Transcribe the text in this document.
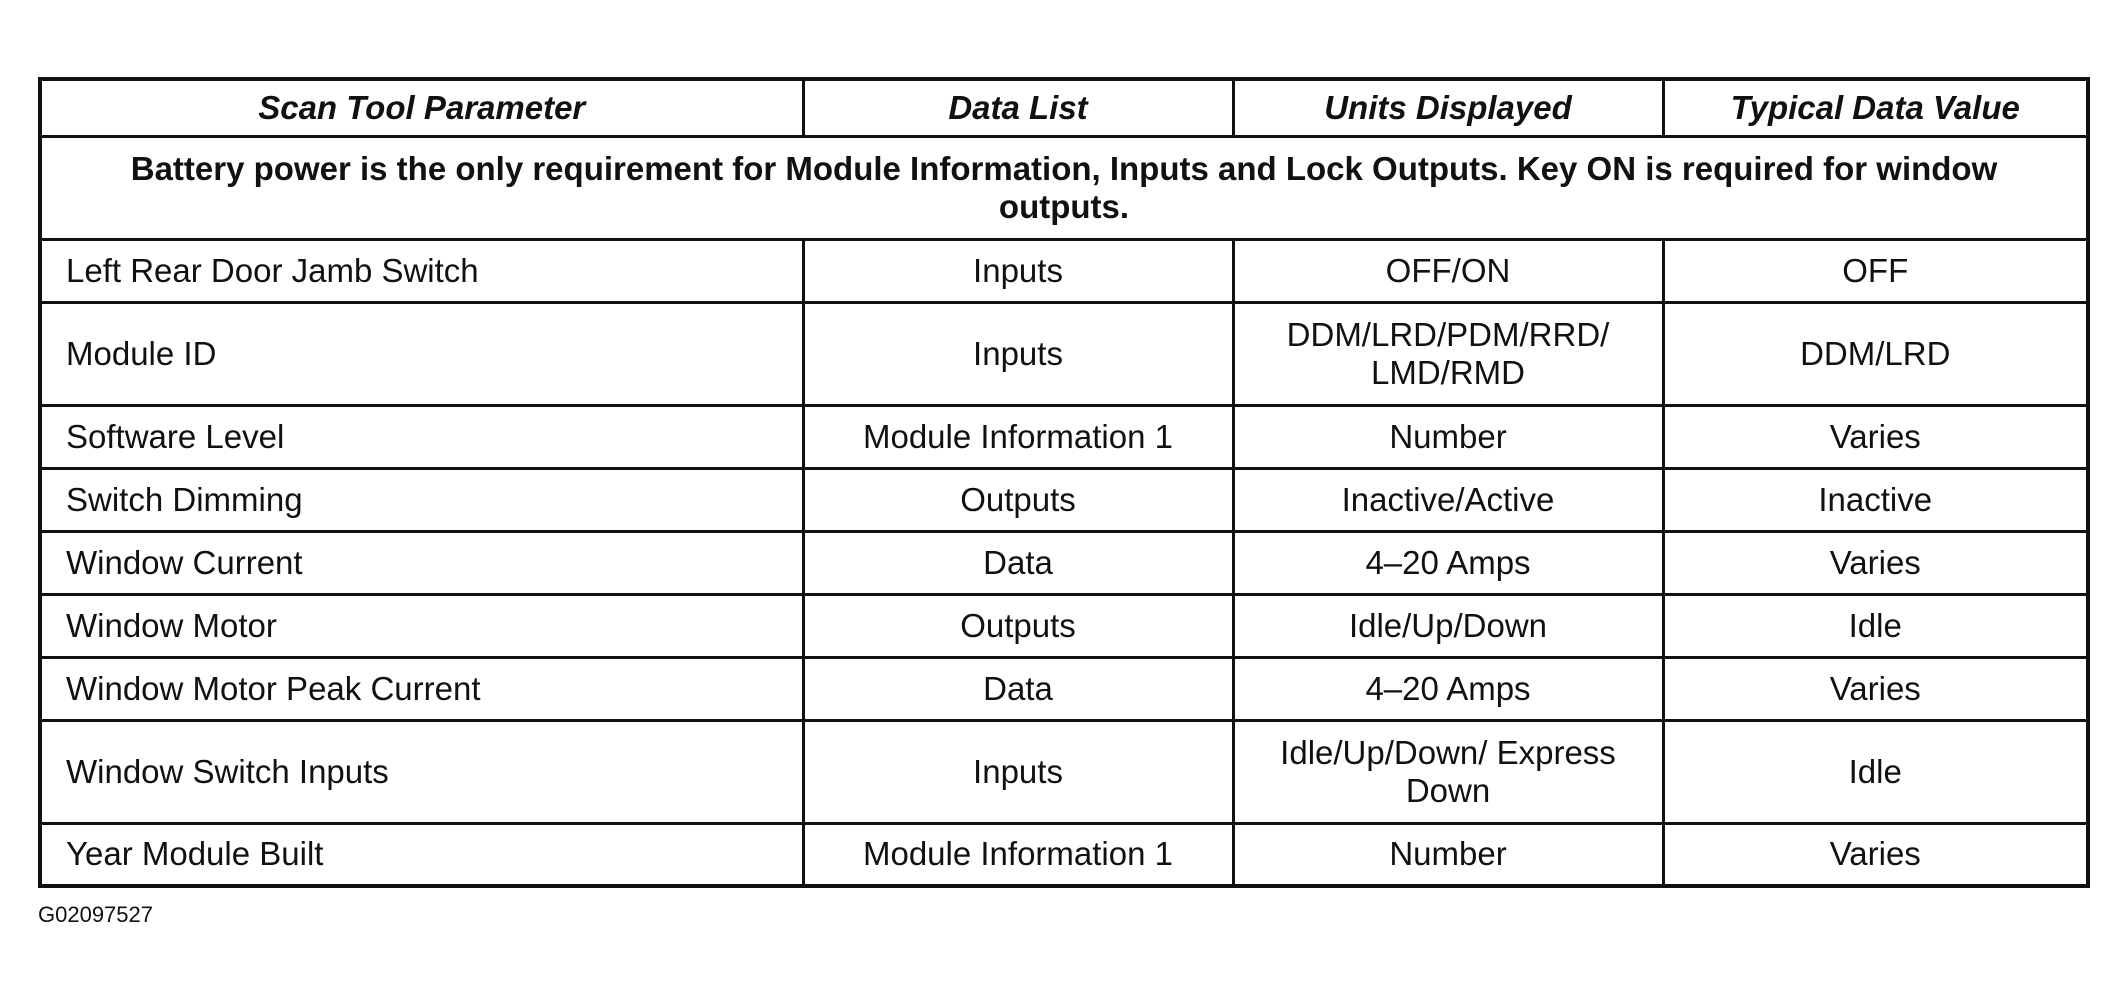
Scan Tool Parameter	Data List	Units Displayed	Typical Data Value
Battery power is the only requirement for Module Information, Inputs and Lock Outputs. Key ON is required for window outputs.			
Left Rear Door Jamb Switch	Inputs	OFF/ON	OFF
Module ID	Inputs	DDM/LRD/PDM/RRD/ LMD/RMD	DDM/LRD
Software Level	Module Information 1	Number	Varies
Switch Dimming	Outputs	Inactive/Active	Inactive
Window Current	Data	4–20 Amps	Varies
Window Motor	Outputs	Idle/Up/Down	Idle
Window Motor Peak Current	Data	4–20 Amps	Varies
Window Switch Inputs	Inputs	Idle/Up/Down/ Express Down	Idle
Year Module Built	Module Information 1	Number	Varies
G02097527
